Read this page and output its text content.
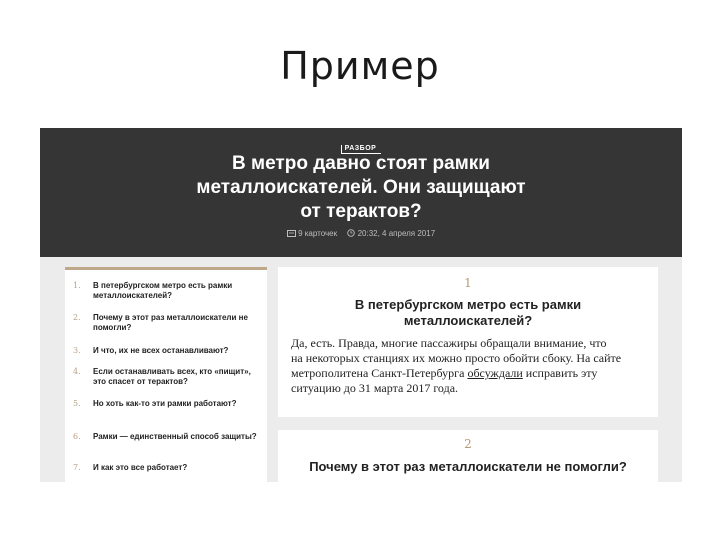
Пример
РАЗБОР
В метро давно стоят рамки
металлоискателей. Они защищают
от терактов?
9 карточек	20:32, 4 апреля 2017
1.	В петербургском метро есть рамки металлоискателей?
2.	Почему в этот раз металлоискатели не помогли?
3.	И что, их не всех останавливают?
4.	Если останавливать всех, кто «пищит», это спасет от терактов?
5.	Но хоть как-то эти рамки работают?
6.	Рамки — единственный способ защиты?
7.	И как это все работает?
1
В петербургском метро есть рамки
металлоискателей?
Да, есть. Правда, многие пассажиры обращали внимание, что
на некоторых станциях их можно просто обойти сбоку. На сайте
метрополитена Санкт-Петербурга обсуждали исправить эту
ситуацию до 31 марта 2017 года.
2
Почему в этот раз металлоискатели не помогли?
